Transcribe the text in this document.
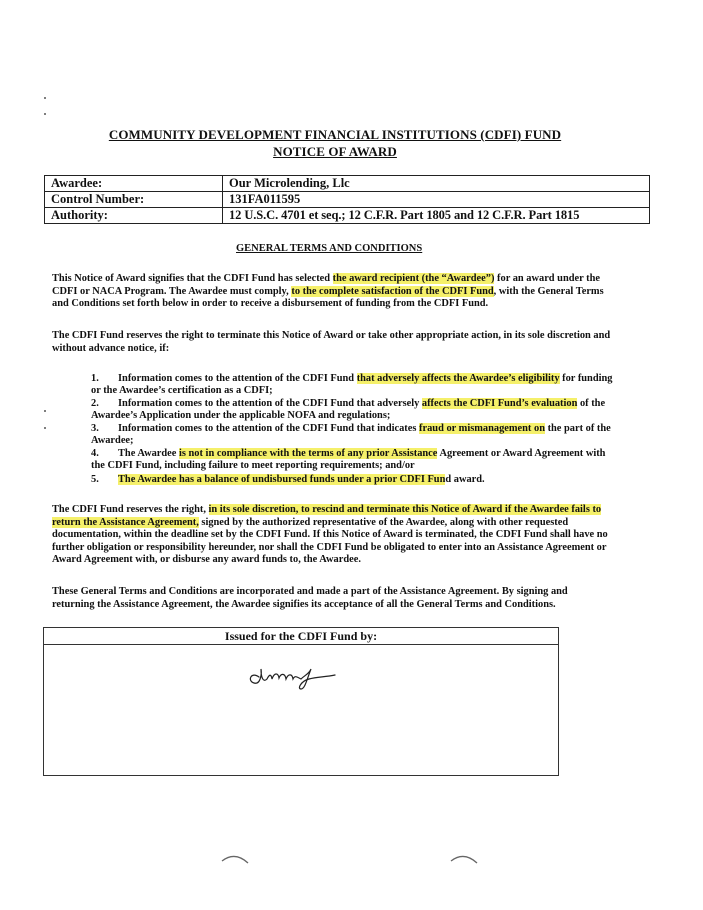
COMMUNITY DEVELOPMENT FINANCIAL INSTITUTIONS (CDFI) FUND
NOTICE OF AWARD
Awardee:	Our Microlending, Llc
Control Number:	131FA011595
Authority:	12 U.S.C. 4701 et seq.; 12 C.F.R. Part 1805 and 12 C.F.R. Part 1815
GENERAL TERMS AND CONDITIONS
This Notice of Award signifies that the CDFI Fund has selected the award recipient (the “Awardee”) for an award under the CDFI or NACA Program. The Awardee must comply, to the complete satisfaction of the CDFI Fund, with the General Terms and Conditions set forth below in order to receive a disbursement of funding from the CDFI Fund.
The CDFI Fund reserves the right to terminate this Notice of Award or take other appropriate action, in its sole discretion and without advance notice, if:
1. Information comes to the attention of the CDFI Fund that adversely affects the Awardee’s eligibility for funding or the Awardee’s certification as a CDFI;
2. Information comes to the attention of the CDFI Fund that adversely affects the CDFI Fund’s evaluation of the Awardee’s Application under the applicable NOFA and regulations;
3. Information comes to the attention of the CDFI Fund that indicates fraud or mismanagement on the part of the Awardee;
4. The Awardee is not in compliance with the terms of any prior Assistance Agreement or Award Agreement with the CDFI Fund, including failure to meet reporting requirements; and/or
5. The Awardee has a balance of undisbursed funds under a prior CDFI Fund award.
The CDFI Fund reserves the right, in its sole discretion, to rescind and terminate this Notice of Award if the Awardee fails to return the Assistance Agreement, signed by the authorized representative of the Awardee, along with other requested documentation, within the deadline set by the CDFI Fund. If this Notice of Award is terminated, the CDFI Fund shall have no further obligation or responsibility hereunder, nor shall the CDFI Fund be obligated to enter into an Assistance Agreement or Award Agreement with, or disburse any award funds to, the Awardee.
These General Terms and Conditions are incorporated and made a part of the Assistance Agreement. By signing and returning the Assistance Agreement, the Awardee signifies its acceptance of all the General Terms and Conditions.
Issued for the CDFI Fund by:
